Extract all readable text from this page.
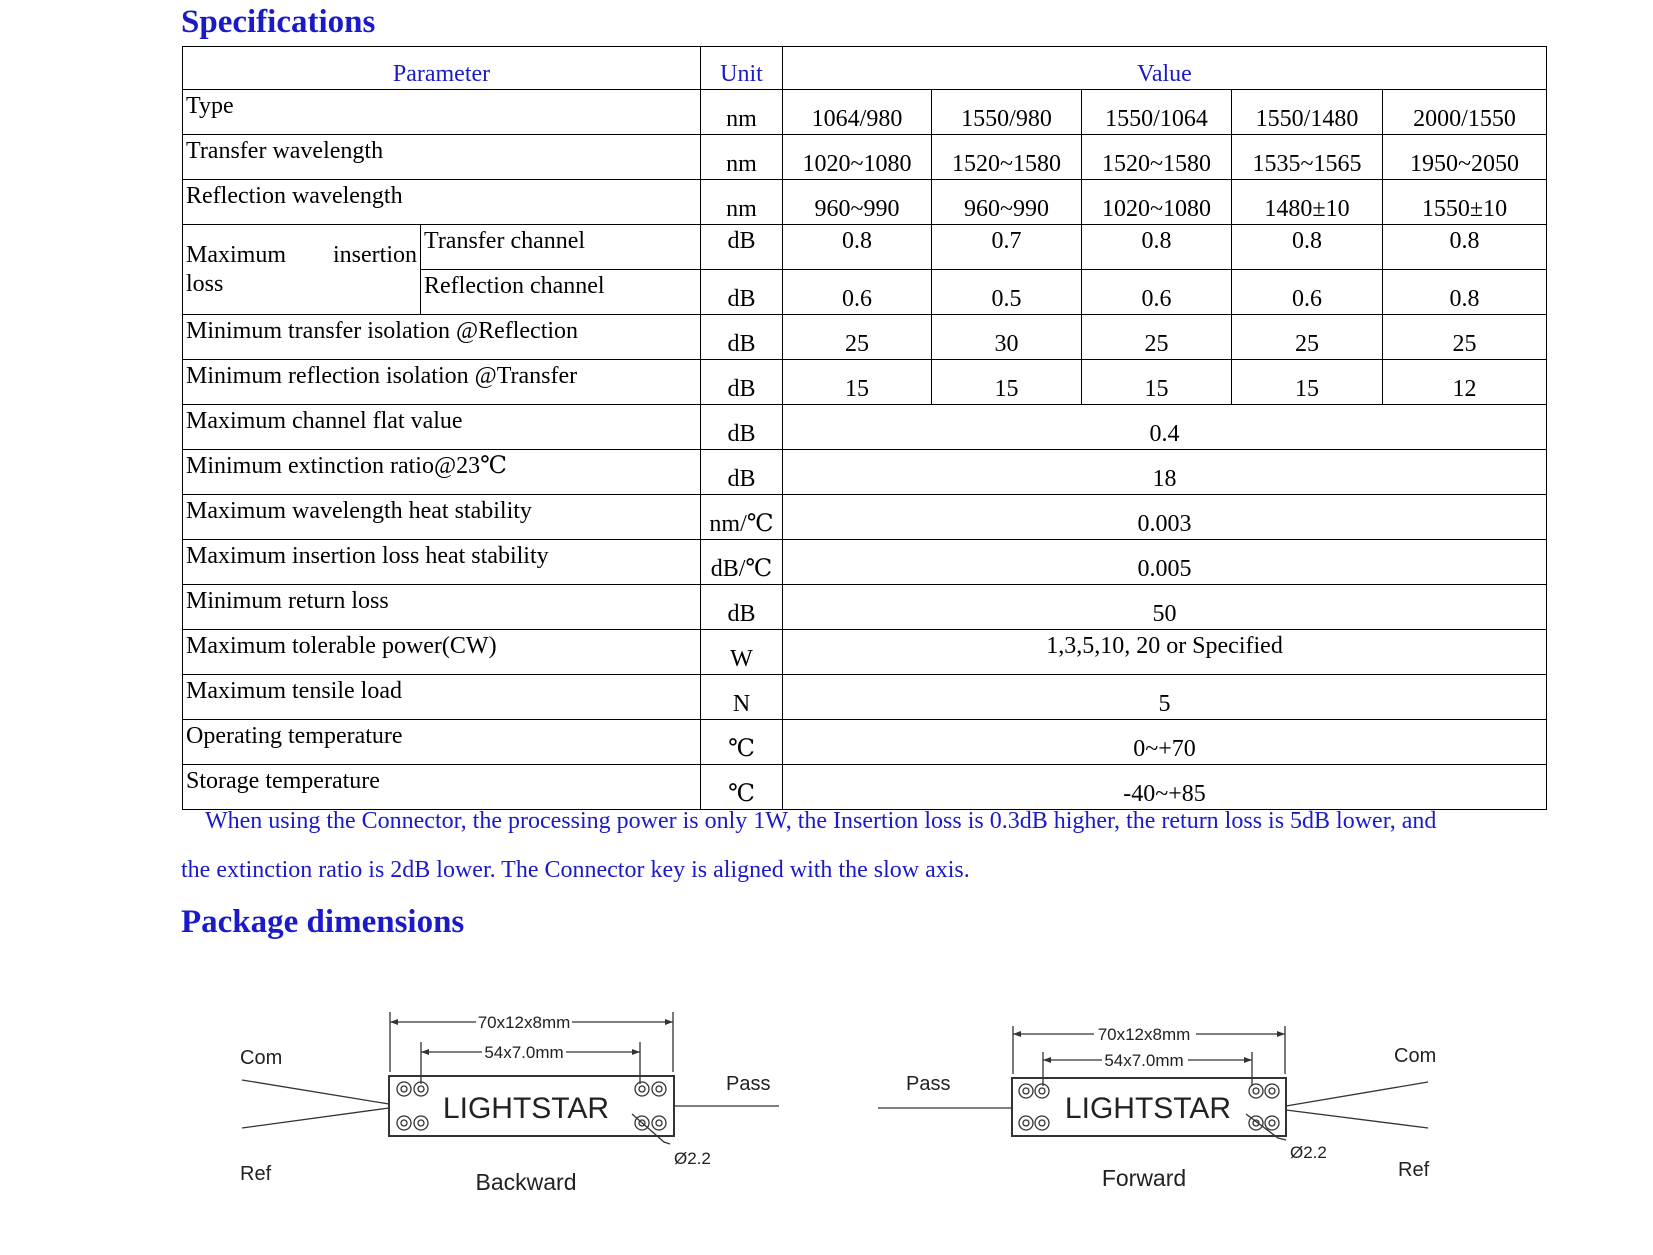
Specifications
Parameter		Unit	Value				
Type		nm	1064/980	1550/980	1550/1064	1550/1480	2000/1550
Transfer wavelength		nm	1020~1080	1520~1580	1520~1580	1535~1565	1950~2050
Reflection wavelength		nm	960~990	960~990	1020~1080	1480±10	1550±10

Maximum insertion
loss	Transfer channel	dB	0.8	0.7	0.8	0.8	0.8
	Reflection channel	dB	0.6	0.5	0.6	0.6	0.8
Minimum transfer isolation @Reflection		dB	25	30	25	25	25
Minimum reflection isolation @Transfer		dB	15	15	15	15	12
Maximum channel flat value		dB	0.4				
Minimum extinction ratio@23℃		dB	18				
Maximum wavelength heat stability		nm/℃	0.003				
Maximum insertion loss heat stability		dB/℃	0.005				
Minimum return loss		dB	50				
Maximum tolerable power(CW)		W	1,3,5,10, 20 or Specified				
Maximum tensile load		N	5				
Operating temperature		℃	0~+70				
Storage temperature		℃	-40~+85				

When using the Connector, the processing power is only 1W, the Insertion loss is 0.3dB higher, the return loss is 5dB lower, and

the extinction ratio is 2dB lower. The Connector key is aligned with the slow axis.

Package dimensions
70x12x8mm
54x7.0mm
LIGHTSTAR
Com
Ref
Pass
Ø2.2
Backward
70x12x8mm
54x7.0mm
LIGHTSTAR
Com
Ref
Pass
Ø2.2
Forward
